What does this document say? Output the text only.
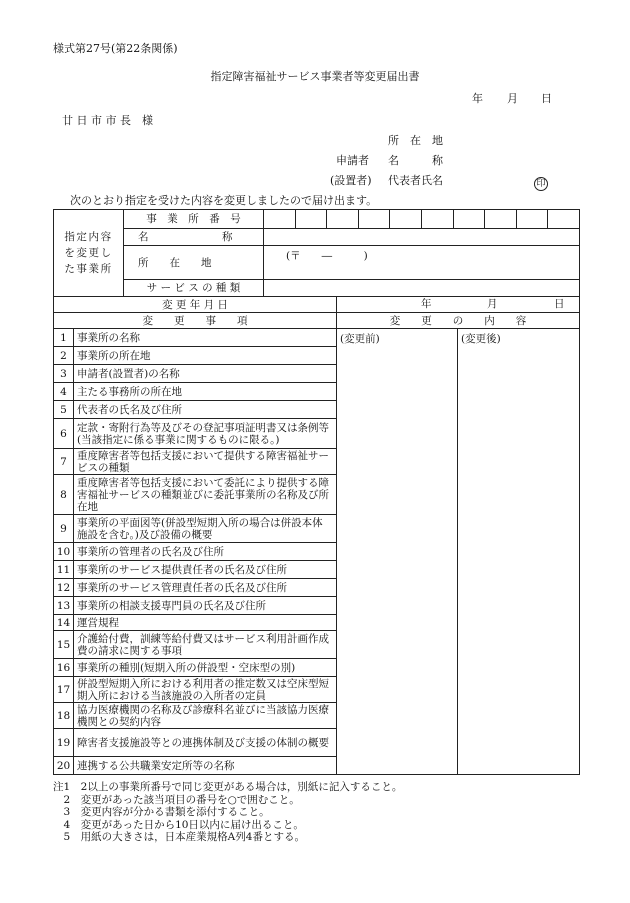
様式第27号(第22条関係)
指定障害福祉サービス事業者等変更届出書
年 月 日
廿 日 市 市 長　様
所　在　地
申請者 名　　　称
(設置者) 代表者氏名	印
次のとおり指定を受けた内容を変更しましたので届け出ます。
指定内容
を変更し
た事業所		事　業　所　番　号			

		名　　　　　　　称			
		所　　在　　地	(〒　　―　　　)		
		サ ー ビ ス の 種 類			
変 更 年 月 日				年 月 日	

変　　更　　事　　項				変　　更　　の　　内　　容	
1	事業所の名称			(変更前)	(変更後)
2	事業所の所在地				
3	申請者(設置者)の名称				
4	主たる事務所の所在地				
5	代表者の氏名及び住所				
6	定款・寄附行為等及びその登記事項証明書又は条例等(当該指定に係る事業に関するものに限る。)				
7	重度障害者等包括支援において提供する障害福祉サービスの種類				
8	重度障害者等包括支援において委託により提供する障害福祉サービスの種類並びに委託事業所の名称及び所在地				
9	事業所の平面図等(併設型短期入所の場合は併設本体施設を含む。)及び設備の概要				
10	事業所の管理者の氏名及び住所				
11	事業所のサービス提供責任者の氏名及び住所				
12	事業所のサービス管理責任者の氏名及び住所				
13	事業所の相談支援専門員の氏名及び住所				
14	運営規程				
15	介護給付費，訓練等給付費又はサービス利用計画作成費の請求に関する事項				
16	事業所の種別(短期入所の併設型・空床型の別)				
17	併設型短期入所における利用者の推定数又は空床型短期入所における当該施設の入所者の定員				
18	協力医療機関の名称及び診療科名並びに当該協力医療機関との契約内容				
19	障害者支援施設等との連携体制及び支援の体制の概要				
20	連携する公共職業安定所等の名称				
注1　2以上の事業所番号で同じ変更がある場合は，別紙に記入すること。
　2　変更があった該当項目の番号を○で囲むこと。
　3　変更内容が分かる書類を添付すること。
　4　変更があった日から10日以内に届け出ること。
　5　用紙の大きさは，日本産業規格A列4番とする。
